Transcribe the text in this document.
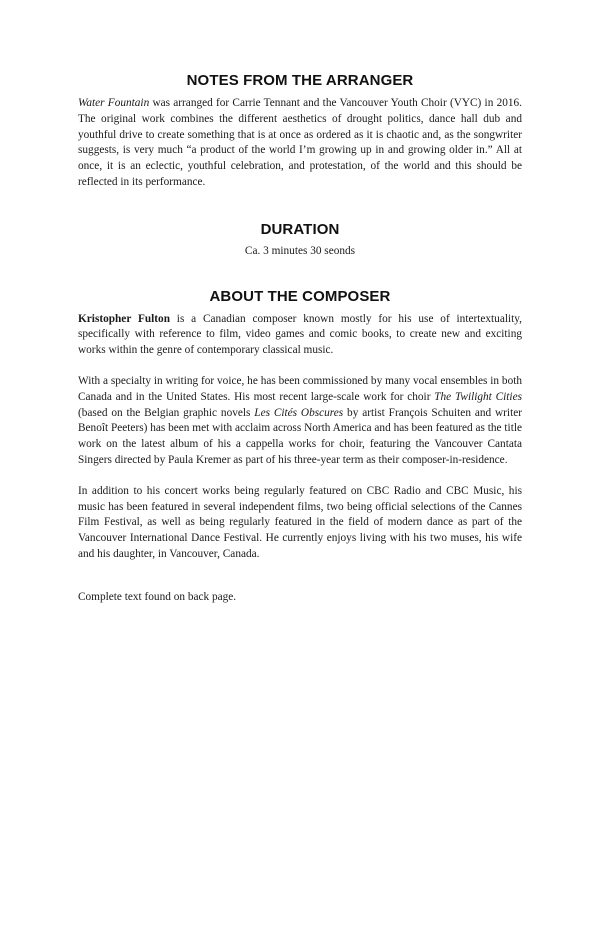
NOTES FROM THE ARRANGER

Water Fountain was arranged for Carrie Tennant and the Vancouver Youth Choir (VYC) in 2016. The original work combines the different aesthetics of drought politics, dance hall dub and youthful drive to create something that is at once as ordered as it is chaotic and, as the songwriter suggests, is very much “a product of the world I’m growing up in and growing older in.” All at once, it is an eclectic, youthful celebration, and protestation, of the world and this should be reflected in its performance.

DURATION

Ca. 3 minutes 30 seonds

ABOUT THE COMPOSER

Kristopher Fulton is a Canadian composer known mostly for his use of intertextuality, specifically with reference to film, video games and comic books, to create new and exciting works within the genre of contemporary classical music.

With a specialty in writing for voice, he has been commissioned by many vocal ensembles in both Canada and in the United States. His most recent large-scale work for choir The Twilight Cities (based on the Belgian graphic novels Les Cités Obscures by artist François Schuiten and writer Benoît Peeters) has been met with acclaim across North America and has been featured as the title work on the latest album of his a cappella works for choir, featuring the Vancouver Cantata Singers directed by Paula Kremer as part of his three-year term as their composer-in-residence.

In addition to his concert works being regularly featured on CBC Radio and CBC Music, his music has been featured in several independent films, two being official selections of the Cannes Film Festival, as well as being regularly featured in the field of modern dance as part of the Vancouver International Dance Festival. He currently enjoys living with his two muses, his wife and his daughter, in Vancouver, Canada.

Complete text found on back page.
